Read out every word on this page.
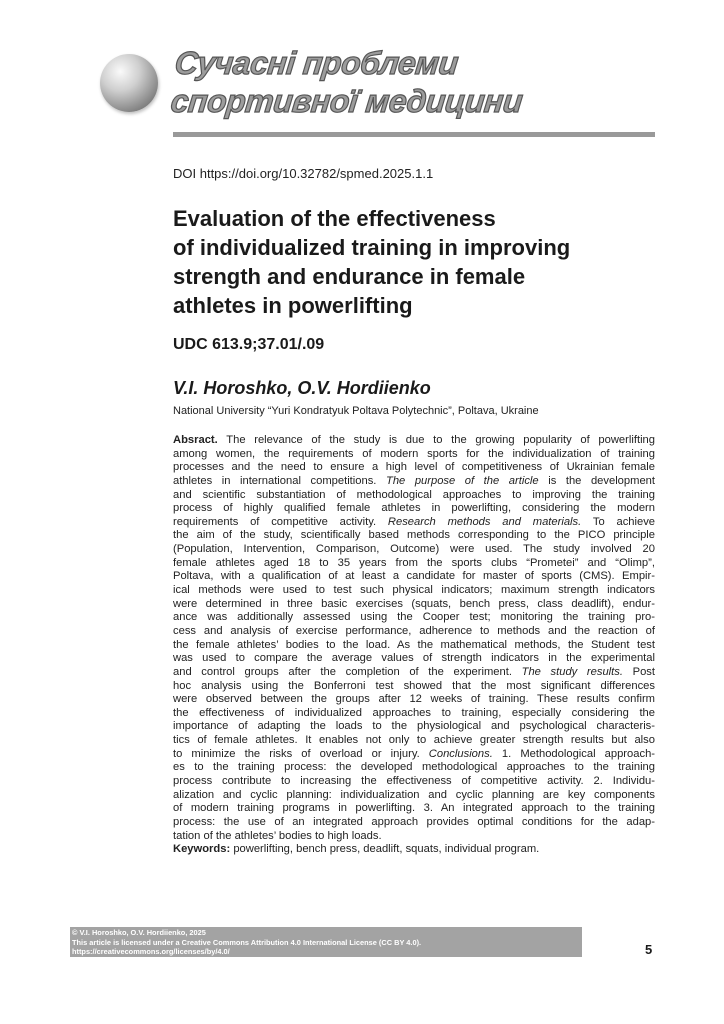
Сучасні проблеми
спортивної медицини
DOI https://doi.org/10.32782/spmed.2025.1.1
Evaluation of the effectiveness
of individualized training in improving
strength and endurance in female
athletes in powerlifting
UDC 613.9;37.01/.09
V.I. Horoshko, O.V. Hordiienko
National University “Yuri Kondratyuk Poltava Polytechnic”, Poltava, Ukraine
Absract. The relevance of the study is due to the growing popularity of powerlifting
among women, the requirements of modern sports for the individualization of training
processes and the need to ensure a high level of competitiveness of Ukrainian female
athletes in international competitions. The purpose of the article is the development
and scientific substantiation of methodological approaches to improving the training
process of highly qualified female athletes in powerlifting, considering the modern
requirements of competitive activity. Research methods and materials. To achieve
the aim of the study, scientifically based methods corresponding to the PICO principle
(Population, Intervention, Comparison, Outcome) were used. The study involved 20
female athletes aged 18 to 35 years from the sports clubs “Prometei” and “Olimp”,
Poltava, with a qualification of at least a candidate for master of sports (CMS). Empir-
ical methods were used to test such physical indicators; maximum strength indicators
were determined in three basic exercises (squats, bench press, class deadlift), endur-
ance was additionally assessed using the Cooper test; monitoring the training pro-
cess and analysis of exercise performance, adherence to methods and the reaction of
the female athletes’ bodies to the load. As the mathematical methods, the Student test
was used to compare the average values of strength indicators in the experimental
and control groups after the completion of the experiment. The study results. Post
hoc analysis using the Bonferroni test showed that the most significant differences
were observed between the groups after 12 weeks of training. These results confirm
the effectiveness of individualized approaches to training, especially considering the
importance of adapting the loads to the physiological and psychological characteris-
tics of female athletes. It enables not only to achieve greater strength results but also
to minimize the risks of overload or injury. Conclusions. 1. Methodological approach-
es to the training process: the developed methodological approaches to the training
process contribute to increasing the effectiveness of competitive activity. 2. Individu-
alization and cyclic planning: individualization and cyclic planning are key components
of modern training programs in powerlifting. 3. An integrated approach to the training
process: the use of an integrated approach provides optimal conditions for the adap-
tation of the athletes’ bodies to high loads.
Keywords: powerlifting, bench press, deadlift, squats, individual program.
© V.I. Horoshko, O.V. Hordiienko, 2025
This article is licensed under a Creative Commons Attribution 4.0 International License (CC BY 4.0).
https://creativecommons.org/licenses/by/4.0/	5
